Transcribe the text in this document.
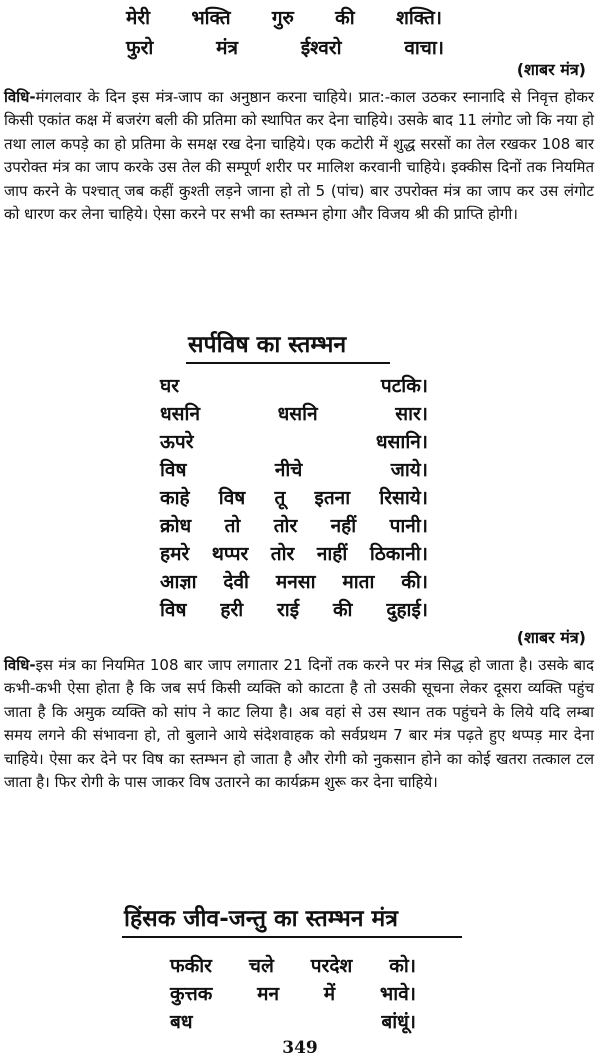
मेरी भक्ति गुरु की शक्ति।
फुरो	मंत्र	ईश्वरो	वाचा।
(शाबर मंत्र)
विधि-मंगलवार के दिन इस मंत्र-जाप का अनुष्ठान करना चाहिये। प्रात:-काल उठकर स्नानादि से निवृत्त होकर किसी एकांत कक्ष में बजरंग बली की प्रतिमा को स्थापित कर देना चाहिये। उसके बाद 11 लंगोट जो कि नया हो तथा लाल कपड़े का हो प्रतिमा के समक्ष रख देना चाहिये। एक कटोरी में शुद्ध सरसों का तेल रखकर 108 बार उपरोक्त मंत्र का जाप करके उस तेल की सम्पूर्ण शरीर पर मालिश करवानी चाहिये। इक्कीस दिनों तक नियमित जाप करने के पश्चात् जब कहीं कुश्ती लड़ने जाना हो तो 5 (पांच) बार उपरोक्त मंत्र का जाप कर उस लंगोट को धारण कर लेना चाहिये। ऐसा करने पर सभी का स्तम्भन होगा और विजय श्री की प्राप्ति होगी।
सर्पविष का स्तम्भन
घर	पटकि।
धसनि	धसनि	सार।
ऊपरे	धसानि।
विष	नीचे	जाये।
काहे विष तू इतना रिसाये।
क्रोध तो तोर नहीं पानी।
हमरे थप्पर तोर नाहीं ठिकानी।
आज्ञा देवी मनसा माता की।
विष हरी राई की दुहाई।
(शाबर मंत्र)
विधि-इस मंत्र का नियमित 108 बार जाप लगातार 21 दिनों तक करने पर मंत्र सिद्ध हो जाता है। उसके बाद कभी-कभी ऐसा होता है कि जब सर्प किसी व्यक्ति को काटता है तो उसकी सूचना लेकर दूसरा व्यक्ति पहुंच जाता है कि अमुक व्यक्ति को सांप ने काट लिया है। अब वहां से उस स्थान तक पहुंचने के लिये यदि लम्बा समय लगने की संभावना हो, तो बुलाने आये संदेशवाहक को सर्वप्रथम 7 बार मंत्र पढ़ते हुए थप्पड़ मार देना चाहिये। ऐसा कर देने पर विष का स्तम्भन हो जाता है और रोगी को नुकसान होने का कोई खतरा तत्काल टल जाता है। फिर रोगी के पास जाकर विष उतारने का कार्यक्रम शुरू कर देना चाहिये।
हिंसक जीव-जन्तु का स्तम्भन मंत्र
फकीर चले परदेश को।
कुत्तक मन में भावे।
बध	बांधूं।
349
